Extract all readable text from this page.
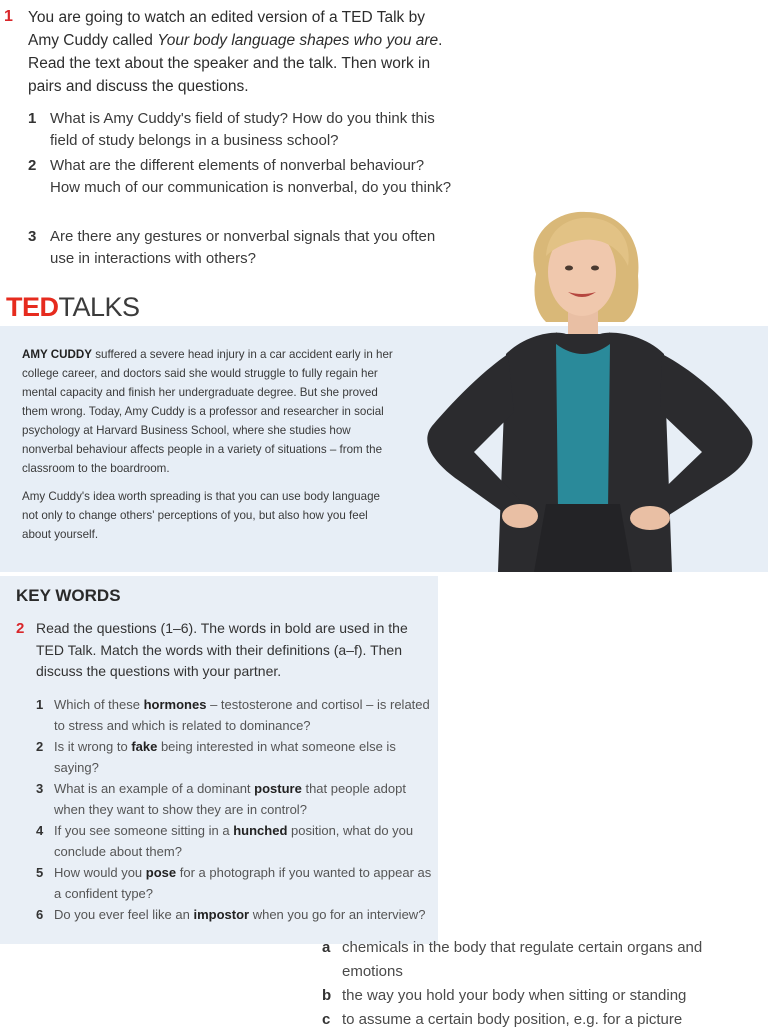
1 You are going to watch an edited version of a TED Talk by Amy Cuddy called Your body language shapes who you are. Read the text about the speaker and the talk. Then work in pairs and discuss the questions.
1 What is Amy Cuddy's field of study? How do you think this field of study belongs in a business school?
2 What are the different elements of nonverbal behaviour? How much of our communication is nonverbal, do you think?
3 Are there any gestures or nonverbal signals that you often use in interactions with others?
TEDTALKS

AMY CUDDY suffered a severe head injury in a car accident early in her college career, and doctors said she would struggle to fully regain her mental capacity and finish her undergraduate degree. But she proved them wrong. Today, Amy Cuddy is a professor and researcher in social psychology at Harvard Business School, where she studies how nonverbal behaviour affects people in a variety of situations – from the classroom to the boardroom.

Amy Cuddy's idea worth spreading is that you can use body language not only to change others' perceptions of you, but also how you feel about yourself.

KEY WORDS
2 Read the questions (1–6). The words in bold are used in the TED Talk. Match the words with their definitions (a–f). Then discuss the questions with your partner.
1 Which of these hormones – testosterone and cortisol – is related to stress and which is related to dominance?
2 Is it wrong to fake being interested in what someone else is saying?
3 What is an example of a dominant posture that people adopt when they want to show they are in control?
4 If you see someone sitting in a hunched position, what do you conclude about them?
5 How would you pose for a photograph if you wanted to appear as a confident type?
6 Do you ever feel like an impostor when you go for an interview?
a chemicals in the body that regulate certain organs and emotions
b the way you hold your body when sitting or standing
c to assume a certain body position, e.g. for a picture
